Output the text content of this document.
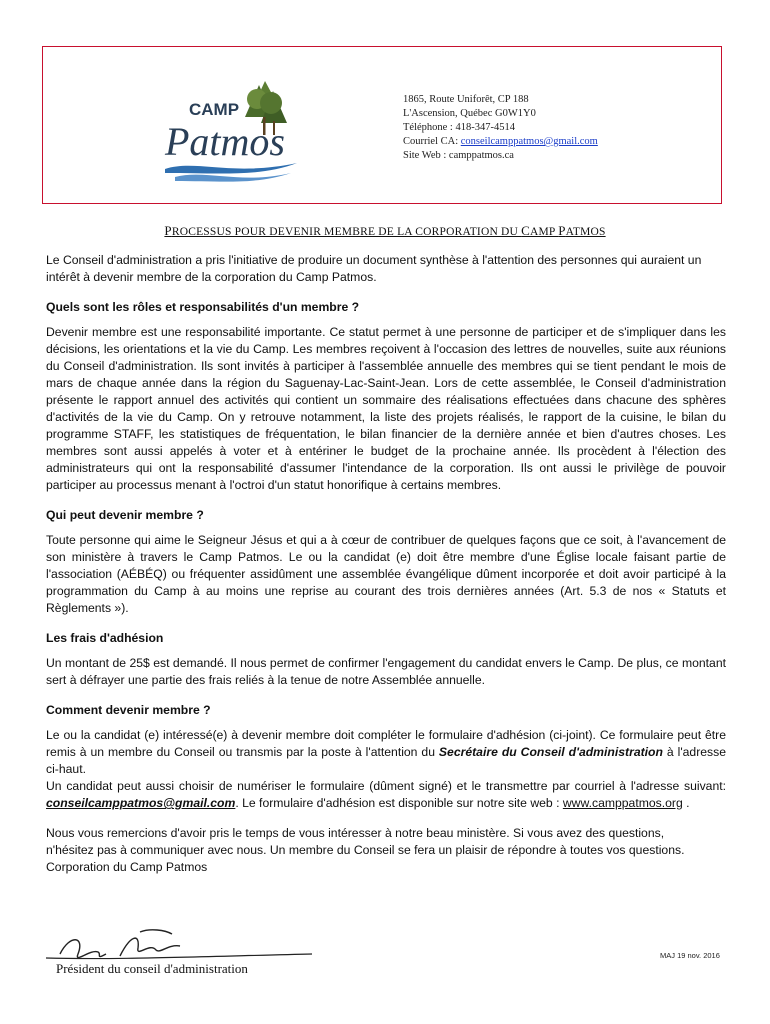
CAMP
Patmos
1865, Route Uniforêt, CP 188
L'Ascension, Québec G0W1Y0
Téléphone : 418-347-4514
Courriel CA: conseilcamppatmos@gmail.com
Site Web : camppatmos.ca
PROCESSUS POUR DEVENIR MEMBRE DE LA CORPORATION DU CAMP PATMOS

Le Conseil d'administration a pris l'initiative de produire un document synthèse à l'attention des personnes qui auraient un intérêt à devenir membre de la corporation du Camp Patmos.

Quels sont les rôles et responsabilités d'un membre ?

Devenir membre est une responsabilité importante. Ce statut permet à une personne de participer et de s'impliquer dans les décisions, les orientations et la vie du Camp. Les membres reçoivent à l'occasion des lettres de nouvelles, suite aux réunions du Conseil d'administration. Ils sont invités à participer à l'assemblée annuelle des membres qui se tient pendant le mois de mars de chaque année dans la région du Saguenay-Lac-Saint-Jean. Lors de cette assemblée, le Conseil d'administration présente le rapport annuel des activités qui contient un sommaire des réalisations effectuées dans chacune des sphères d'activités de la vie du Camp. On y retrouve notamment, la liste des projets réalisés, le rapport de la cuisine, le bilan du programme STAFF, les statistiques de fréquentation, le bilan financier de la dernière année et bien d'autres choses. Les membres sont aussi appelés à voter et à entériner le budget de la prochaine année. Ils procèdent à l'élection des administrateurs qui ont la responsabilité d'assumer l'intendance de la corporation. Ils ont aussi le privilège de pouvoir participer au processus menant à l'octroi d'un statut honorifique à certains membres.

Qui peut devenir membre ?

Toute personne qui aime le Seigneur Jésus et qui a à cœur de contribuer de quelques façons que ce soit, à l'avancement de son ministère à travers le Camp Patmos. Le ou la candidat (e) doit être membre d'une Église locale faisant partie de l'association (AÉBÉQ) ou fréquenter assidûment une assemblée évangélique dûment incorporée et doit avoir participé à la programmation du Camp à au moins une reprise au courant des trois dernières années (Art. 5.3 de nos « Statuts et Règlements »).

Les frais d'adhésion

Un montant de 25$ est demandé. Il nous permet de confirmer l'engagement du candidat envers le Camp. De plus, ce montant sert à défrayer une partie des frais reliés à la tenue de notre Assemblée annuelle.

Comment devenir membre ?

Le ou la candidat (e) intéressé(e) à devenir membre doit compléter le formulaire d'adhésion (ci-joint). Ce formulaire peut être remis à un membre du Conseil ou transmis par la poste à l'attention du Secrétaire du Conseil d'administration à l'adresse ci-haut.

Un candidat peut aussi choisir de numériser le formulaire (dûment signé) et le transmettre par courriel à l'adresse suivant: conseilcamppatmos@gmail.com. Le formulaire d'adhésion est disponible sur notre site web : www.camppatmos.org .

Nous vous remercions d'avoir pris le temps de vous intéresser à notre beau ministère. Si vous avez des questions,
n'hésitez pas à communiquer avec nous. Un membre du Conseil se fera un plaisir de répondre à toutes vos questions.
Corporation du Camp Patmos
Président du conseil d'administration
MAJ 19 nov. 2016
